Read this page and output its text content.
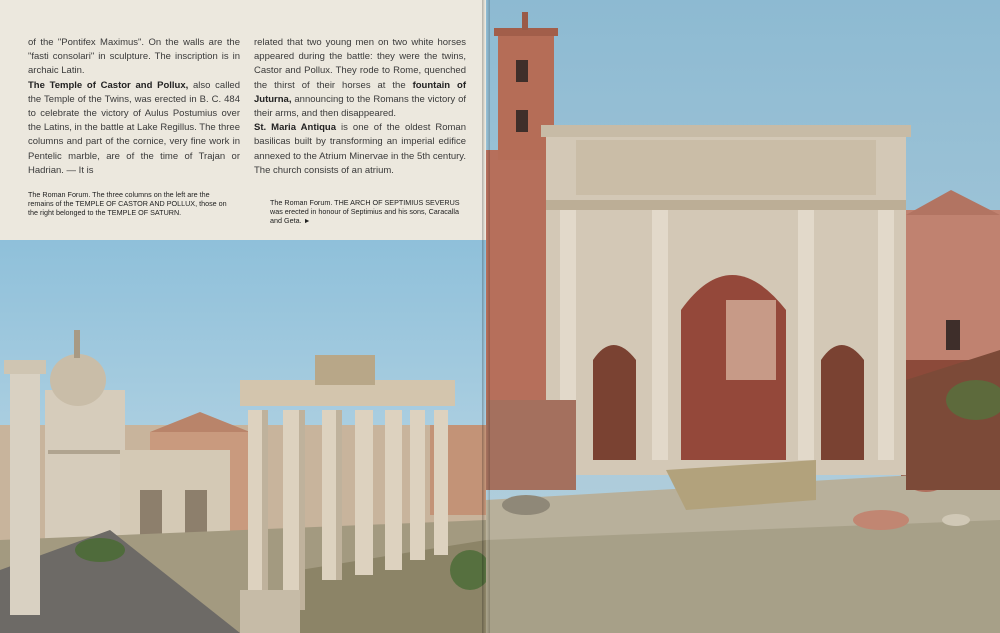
of the "Pontifex Maximus". On the walls are the "fasti consolari" in sculpture. The inscription is in archaic Latin.

The Temple of Castor and Pollux, also called the Temple of the Twins, was erected in B. C. 484 to celebrate the victory of Aulus Postumius over the Latins, in the battle at Lake Regillus. The three columns and part of the cornice, very fine work in Pentelic marble, are of the time of Trajan or Hadrian. — It is

related that two young men on two white horses appeared during the battle: they were the twins, Castor and Pollux. They rode to Rome, quenched the thirst of their horses at the fountain of Juturna, announcing to the Romans the victory of their arms, and then disappeared.

St. Maria Antiqua is one of the oldest Roman basilicas built by transforming an imperial edifice annexed to the Atrium Minervae in the 5th century. The church consists of an atrium.

The Roman Forum. The three columns on the left are the remains of the TEMPLE OF CASTOR AND POLLUX, those on the right belonged to the TEMPLE OF SATURN.
The Roman Forum. THE ARCH OF SEPTIMIUS SEVERUS was erected in honour of Septimius and his sons, Caracalla and Geta. ►
